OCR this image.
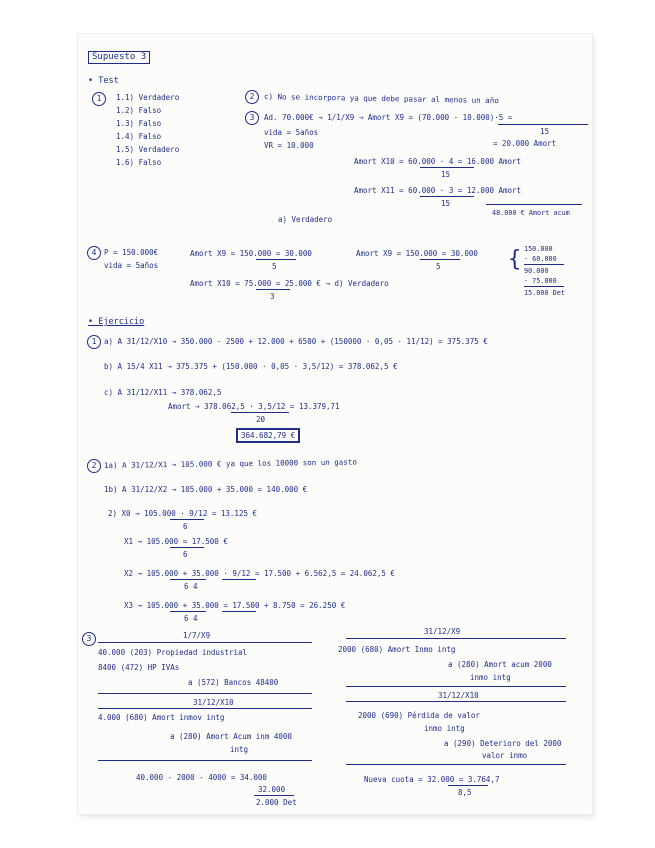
Supuesto 3
• Test
1	1.1) Verdadero
1.2) Falso
1.3) Falso
1.4) Falso
1.5) Verdadero
1.6) Falso
2	c) No se incorpora ya que debe pasar al menos un año
3	Ad. 70.000€ → 1/1/X9 → Amort X9 = (70.000 - 10.000)·5 =
15
vida = 5años
VR = 10.000	= 20.000 Amort
Amort X10 = 60.000 · 4 = 16.000 Amort
15
Amort X11 = 60.000 · 3 = 12.000 Amort
15
48.000 € Amort acum
a) Verdadero
4	P = 150.000€
vida = 5años
Amort X9 = 150.000 = 30.000
5
Amort X9 = 150.000 = 30.000
5
Amort X10 = 75.000 = 25.000 € → d) Verdadero
3
{ 150.000
- 60.000
90.000
- 75.000
15.000 Det
• Ejercicio
1	a) A 31/12/X10 → 350.000 - 2500 + 12.000 + 6500 + (150000 · 0,05 · 11/12) = 375.375 €
b) A 15/4 X11 → 375.375 + (150.000 · 0,05 · 3,5/12) = 378.062,5 €
c) A 31/12/X11 → 378.062,5
Amort → 378.062,5 · 3,5/12 = 13.379,71
20
364.682,79 €
2	1a) A 31/12/X1 → 105.000 € ya que los 10000 son un gasto
1b) A 31/12/X2 → 105.000 + 35.000 = 140.000 €
2) X0 → 105.000 · 9/12 = 13.125 €
6
X1 → 105.000 = 17.500 €
6
X2 → 105.000 + 35.000 · 9/12 = 17.500 + 6.562,5 = 24.062,5 €
6 4
X3 → 105.000 + 35.000 = 17.500 + 8.750 = 26.250 €
6 4
3	1/7/X9
40.000 (203) Propiedad industrial
8400 (472) HP IVAs
a (572) Bancos 48400
31/12/X10
4.000 (680) Amort inmov intg
a (280) Amort Acum inm 4000
intg
40.000 - 2000 - 4000 = 34.000
32.000
2.000 Det
31/12/X9
2000 (680) Amort Inmo intg
a (280) Amort acum 2000
inmo intg
31/12/X10
2000 (690) Pérdida de valor
inmo intg
a (290) Deterioro del 2000
valor inmo
Nueva cuota = 32.000 = 3.764,7
8,5
